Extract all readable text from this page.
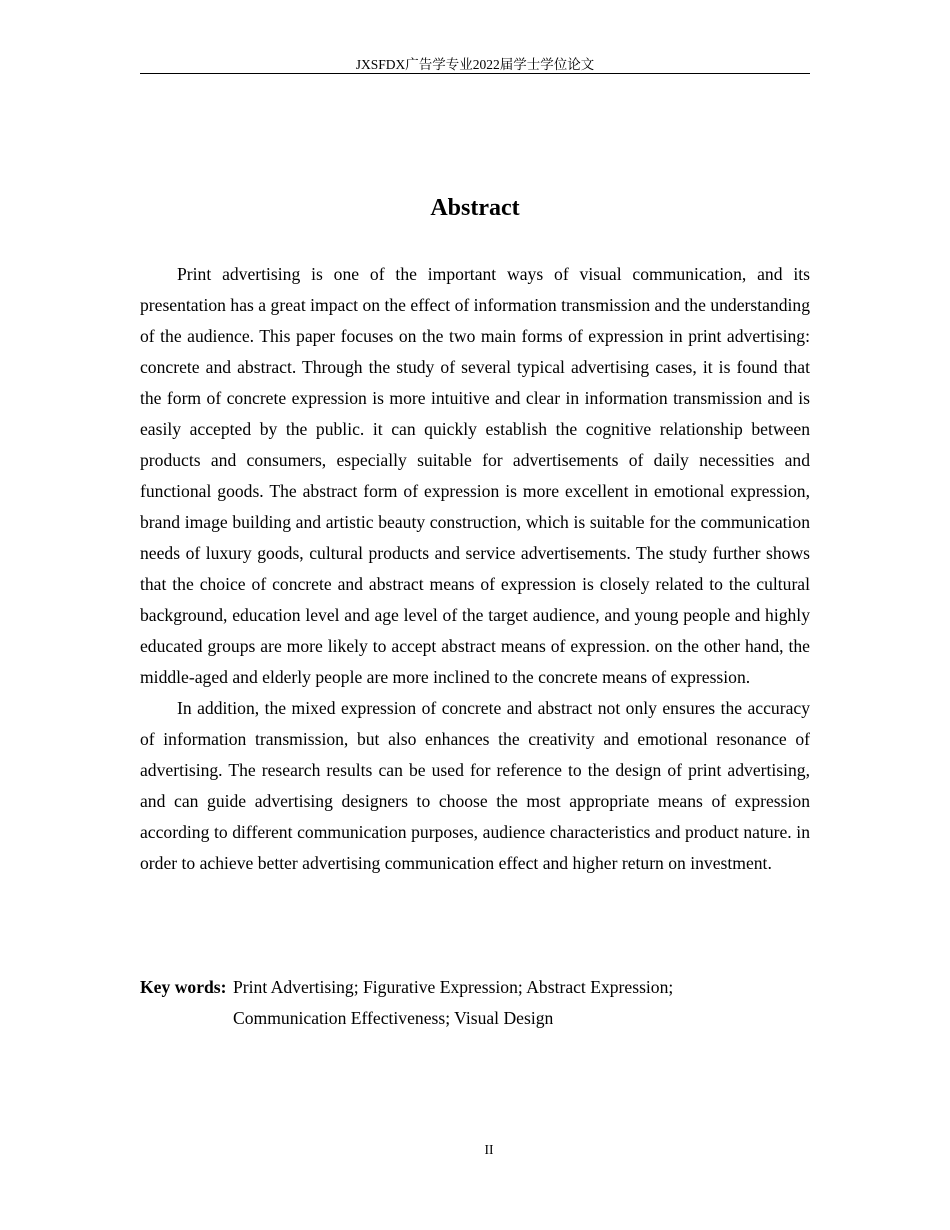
JXSFDX广告学专业2022届学士学位论文
Abstract

Print advertising is one of the important ways of visual communication, and its presentation has a great impact on the effect of information transmission and the understanding of the audience. This paper focuses on the two main forms of expression in print advertising: concrete and abstract. Through the study of several typical advertising cases, it is found that the form of concrete expression is more intuitive and clear in information transmission and is easily accepted by the public. it can quickly establish the cognitive relationship between products and consumers, especially suitable for advertisements of daily necessities and functional goods. The abstract form of expression is more excellent in emotional expression, brand image building and artistic beauty construction, which is suitable for the communication needs of luxury goods, cultural products and service advertisements. The study further shows that the choice of concrete and abstract means of expression is closely related to the cultural background, education level and age level of the target audience, and young people and highly educated groups are more likely to accept abstract means of expression. on the other hand, the middle-aged and elderly people are more inclined to the concrete means of expression.

In addition, the mixed expression of concrete and abstract not only ensures the accuracy of information transmission, but also enhances the creativity and emotional resonance of advertising. The research results can be used for reference to the design of print advertising, and can guide advertising designers to choose the most appropriate means of expression according to different communication purposes, audience characteristics and product nature. in order to achieve better advertising communication effect and higher return on investment.

Key words: Print Advertising; Figurative Expression; Abstract Expression;
Communication Effectiveness; Visual Design
II
